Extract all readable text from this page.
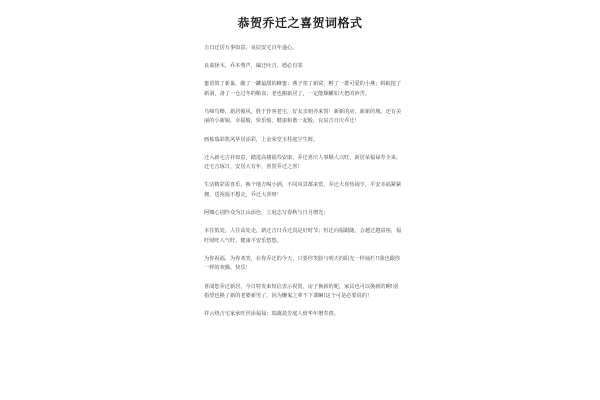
恭贺乔迁之喜贺词格式

吉日迁居万事如意，良辰安宅百年遂心。

良禽择木，乔木鶯声，阖迁吐吉，德必有邻

蜜语筑了新巢，酿了一罐最甜的蜂蜜；燕子垒了新窝，孵了一群可爱的小燕；蚂蚁挖了新洞，备了一仓过冬的粮食；老也搬新居了，一定能顺幡如天把的妙苦。

乌啼鸟啭，新居俊风，胜于作客老宅，好友亲朋齐来贺！新新的房，新新的城，还有美丽的小新娘，幸福般，快乐般，健康和谐一起般，良辰吉日庆乔迁！

画栋瑞彩凯风华居添彩，上金荣堂玉柱庭宇生辉。

迁入新宅吉祥如意，踏进高楼福寿安康，乔迁喜庆人事顺人兴旺，新居荣福禄寿全来。迁宅吉琢日，安居大有年，喜贺乔迁之喜！

生活精彩需喜乐，换个地方喝小酒，不同风景都来赏，乔迁大喜热闹亨，平安幸福紧紧拥，送祝福不想走，乔迁大喜呀！

阿娜心别怜众为江山添色，立庭志写春秋与日月增光；

本住低处，人往高处走，新迁吉日乔迁真是好时节；恒迁向福跟随，会越过越富裕，福旺财旺人气旺，健康平安乐悠悠。

为你祝福，为你欢笑，在你乔迁的今天，只要你笑脸与明天的阳光一样灿烂!!我也跟你一样的欢腾、快乐！

喜闻您乔迁新居，今日特发来短信表示祝贺，房子换新的呢，家具也可以换新的啊!别指望也换了新的老婆新男了，因为懒鬼之辈不下课嘛!这个可是必要说的！

祥云绕吉宅家承旺世添福禄；瑞霭盈芳庭人值华年增寿禧。
